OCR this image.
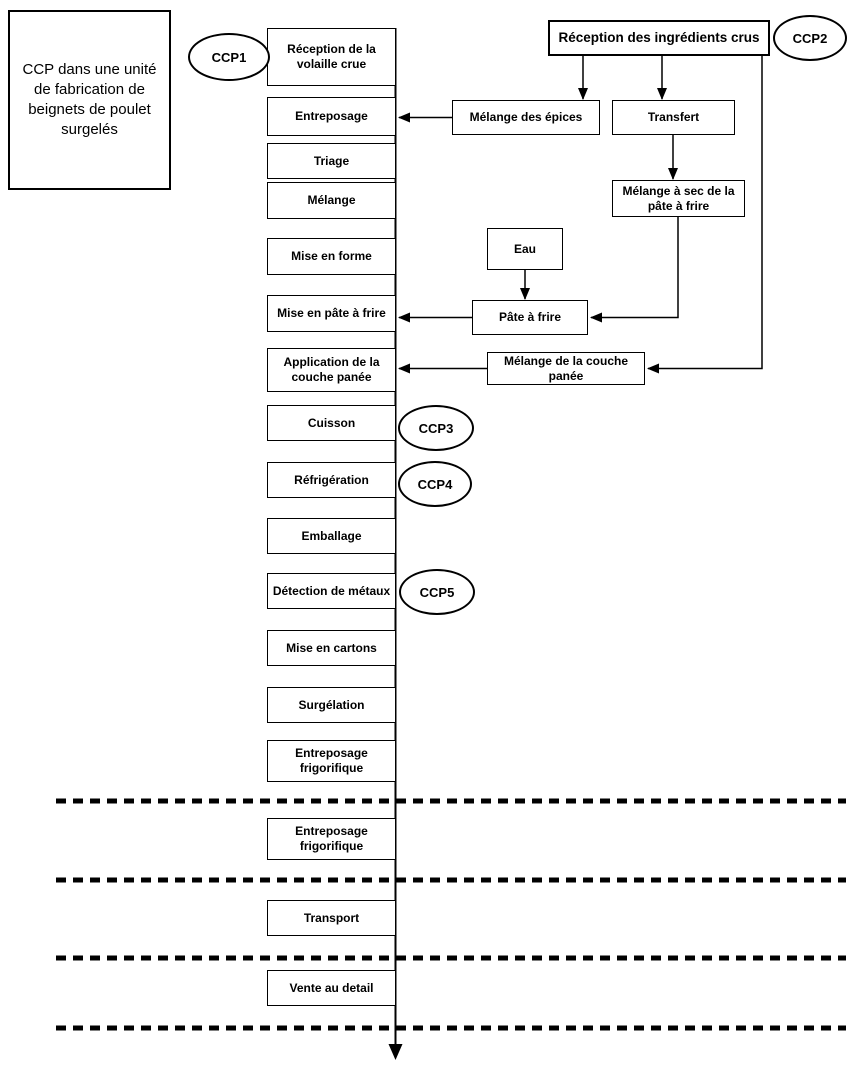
CCP dans une unité de fabrication de beignets de poulet surgelés
CCP1
CCP2
CCP3
CCP4
CCP5
Réception de la volaille crue
Entreposage
Triage
Mélange
Mise en forme
Mise en pâte à frire
Application de la couche panée
Cuisson
Réfrigération
Emballage
Détection de métaux
Mise en cartons
Surgélation
Entreposage frigorifique
Entreposage frigorifique
Transport
Vente au detail
Réception des ingrédients crus
Mélange des épices	Transfert
Mélange à sec de la pâte à frire
Eau
Pâte à frire
Mélange de la couche panée
